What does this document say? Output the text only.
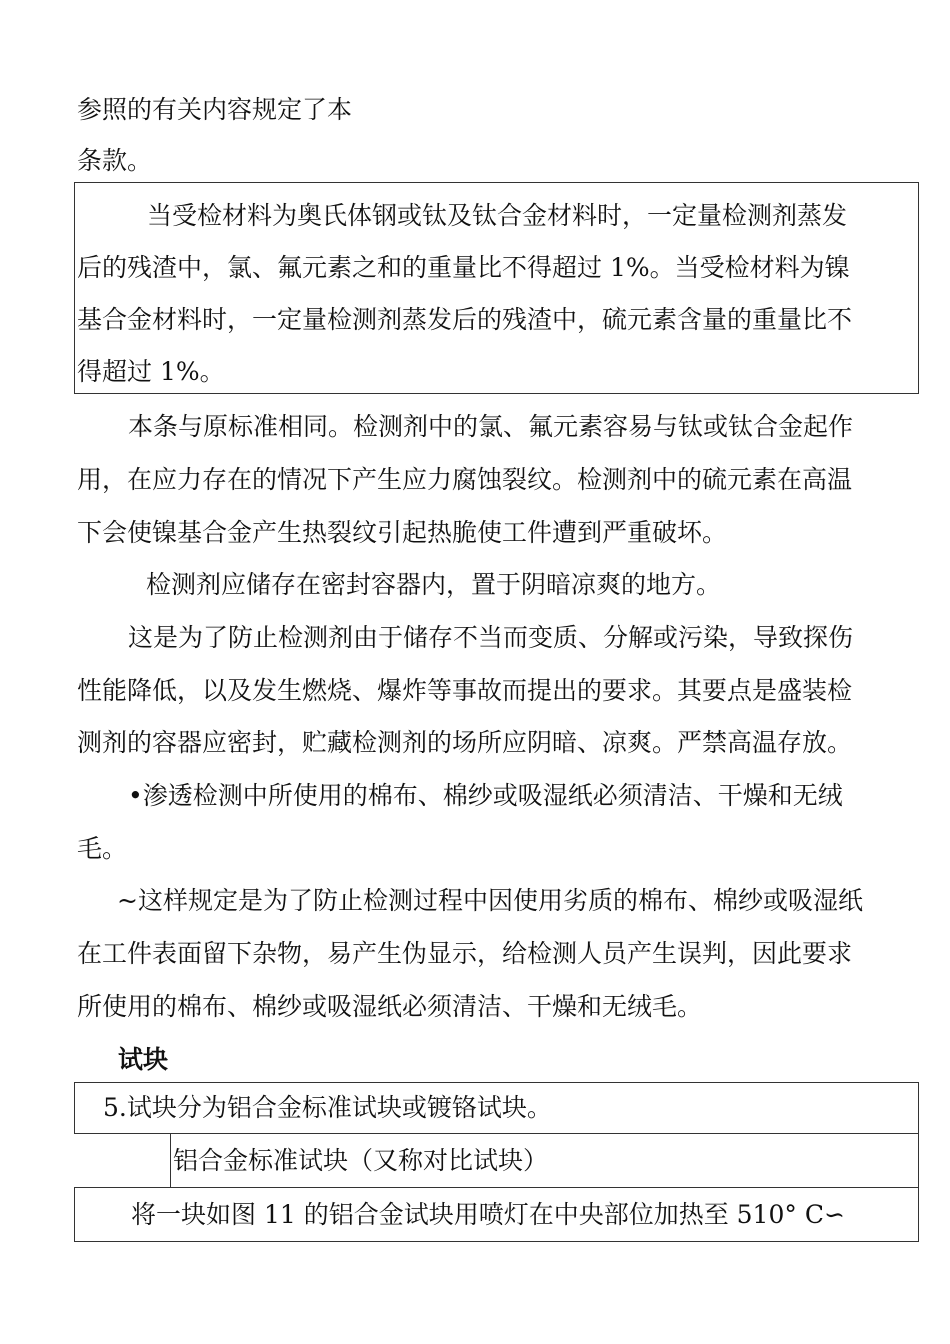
参照的有关内容规定了本
条款。
当受检材料为奥氏体钢或钛及钛合金材料时，一定量检测剂蒸发
后的残渣中，氯、氟元素之和的重量比不得超过 1%。当受检材料为镍
基合金材料时，一定量检测剂蒸发后的残渣中，硫元素含量的重量比不
得超过 1%。
本条与原标准相同。检测剂中的氯、氟元素容易与钛或钛合金起作
用，在应力存在的情况下产生应力腐蚀裂纹。检测剂中的硫元素在高温
下会使镍基合金产生热裂纹引起热脆使工件遭到严重破坏。
检测剂应储存在密封容器内，置于阴暗凉爽的地方。
这是为了防止检测剂由于储存不当而变质、分解或污染，导致探伤
性能降低，以及发生燃烧、爆炸等事故而提出的要求。其要点是盛装检
测剂的容器应密封，贮藏检测剂的场所应阴暗、凉爽。严禁高温存放。
•渗透检测中所使用的棉布、棉纱或吸湿纸必须清洁、干燥和无绒
毛。
~这样规定是为了防止检测过程中因使用劣质的棉布、棉纱或吸湿纸
在工件表面留下杂物，易产生伪显示，给检测人员产生误判，因此要求
所使用的棉布、棉纱或吸湿纸必须清洁、干燥和无绒毛。
试块
5.试块分为铝合金标准试块或镀铬试块。
铝合金标准试块（又称对比试块）
将一块如图 11 的铝合金试块用喷灯在中央部位加热至 510° C∽
